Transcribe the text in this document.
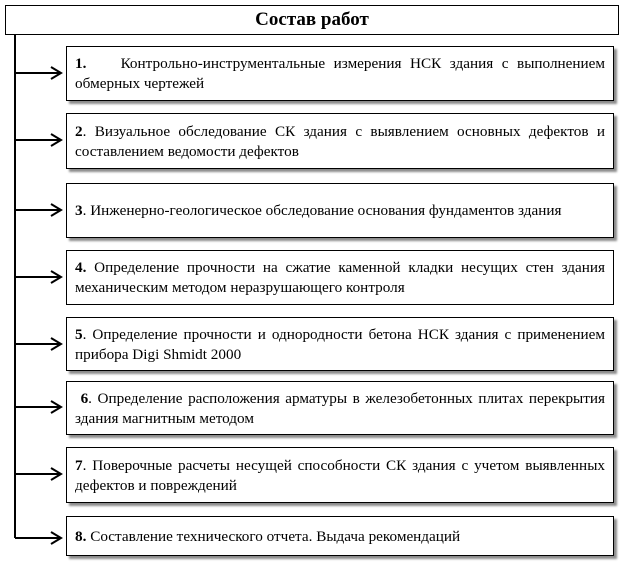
Состав работ
1. Контрольно-инструментальные измерения НСК здания с выполнением обмерных чертежей
2. Визуальное обследование СК здания с выявлением основных дефектов и составлением ведомости дефектов
3. Инженерно-геологическое обследование основания фундаментов здания
4. Определение прочности на сжатие каменной кладки несущих стен здания механическим методом неразрушающего контроля
5. Определение прочности и однородности бетона НСК здания с применением прибора Digi Shmidt 2000
6. Определение расположения арматуры в железобетонных плитах перекрытия здания магнитным методом
7. Поверочные расчеты несущей способности СК здания с учетом выявленных дефектов и повреждений
8. Составление технического отчета. Выдача рекомендаций
